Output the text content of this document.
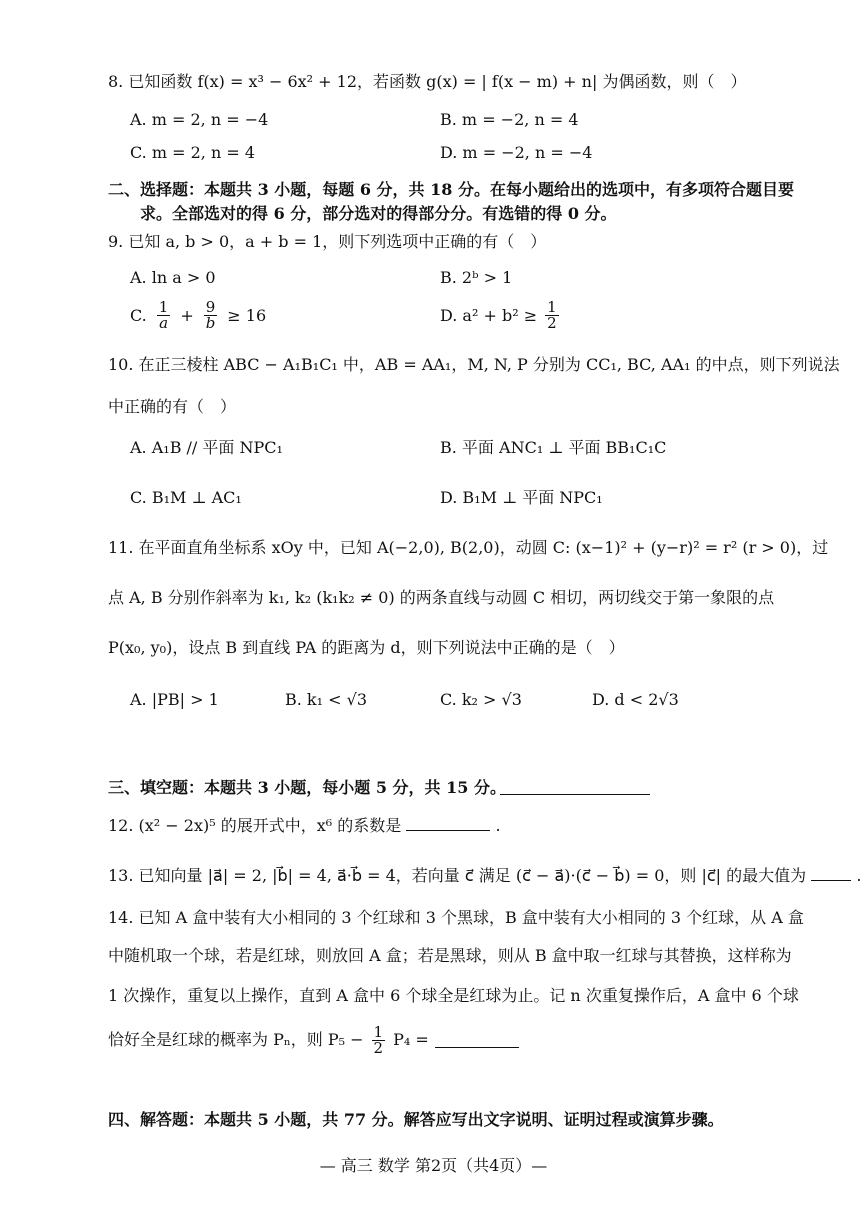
8. 已知函数 f(x) = x³ − 6x² + 12，若函数 g(x) = | f(x − m) + n| 为偶函数，则（　）
A. m = 2, n = −4	B. m = −2, n = 4
C. m = 2, n = 4	D. m = −2, n = −4
二、选择题：本题共 3 小题，每题 6 分，共 18 分。在每小题给出的选项中，有多项符合题目要
求。全部选对的得 6 分，部分选对的得部分分。有选错的得 0 分。
9. 已知 a, b > 0，a + b = 1，则下列选项中正确的有（　）
A. ln a > 0	B. 2ᵇ > 1
C. $\frac{1}{a} + \frac{9}{b} \ge 16$	D. $a^2 + b^2 \ge \frac{1}{2}$
10. 在正三棱柱 ABC − A₁B₁C₁ 中，AB = AA₁，M, N, P 分别为 CC₁, BC, AA₁ 的中点，则下列说法
中正确的有（　）
A. A₁B // 平面 NPC₁	B. 平面 ANC₁ ⊥ 平面 BB₁C₁C
C. B₁M ⊥ AC₁	D. B₁M ⊥ 平面 NPC₁
11. 在平面直角坐标系 xOy 中，已知 A(−2,0), B(2,0)，动圆 C: (x−1)² + (y−r)² = r² (r > 0)，过
点 A, B 分别作斜率为 k₁, k₂ (k₁k₂ ≠ 0) 的两条直线与动圆 C 相切，两切线交于第一象限的点
P(x₀, y₀)，设点 B 到直线 PA 的距离为 d，则下列说法中正确的是（　）
A. |PB| > 1	B. k₁ < √3	C. k₂ > √3	D. d < 2√3
三、填空题：本题共 3 小题，每小题 5 分，共 15 分。
12. (x² − 2x)⁵ 的展开式中，x⁶ 的系数是	.
13. 已知向量 |a⃗| = 2, |b⃗| = 4, a⃗·b⃗ = 4，若向量 c⃗ 满足 (c⃗ − a⃗)·(c⃗ − b⃗) = 0，则 |c⃗| 的最大值为	.
14. 已知 A 盒中装有大小相同的 3 个红球和 3 个黑球，B 盒中装有大小相同的 3 个红球，从 A 盒
中随机取一个球，若是红球，则放回 A 盒；若是黑球，则从 B 盒中取一红球与其替换，这样称为
1 次操作，重复以上操作，直到 A 盒中 6 个球全是红球为止。记 n 次重复操作后，A 盒中 6 个球
恰好全是红球的概率为 Pₙ，则 $P_5 - \frac{1}{2} P_4$ =
四、解答题：本题共 5 小题，共 77 分。解答应写出文字说明、证明过程或演算步骤。
— 高三 数学 第2页（共4页）—
